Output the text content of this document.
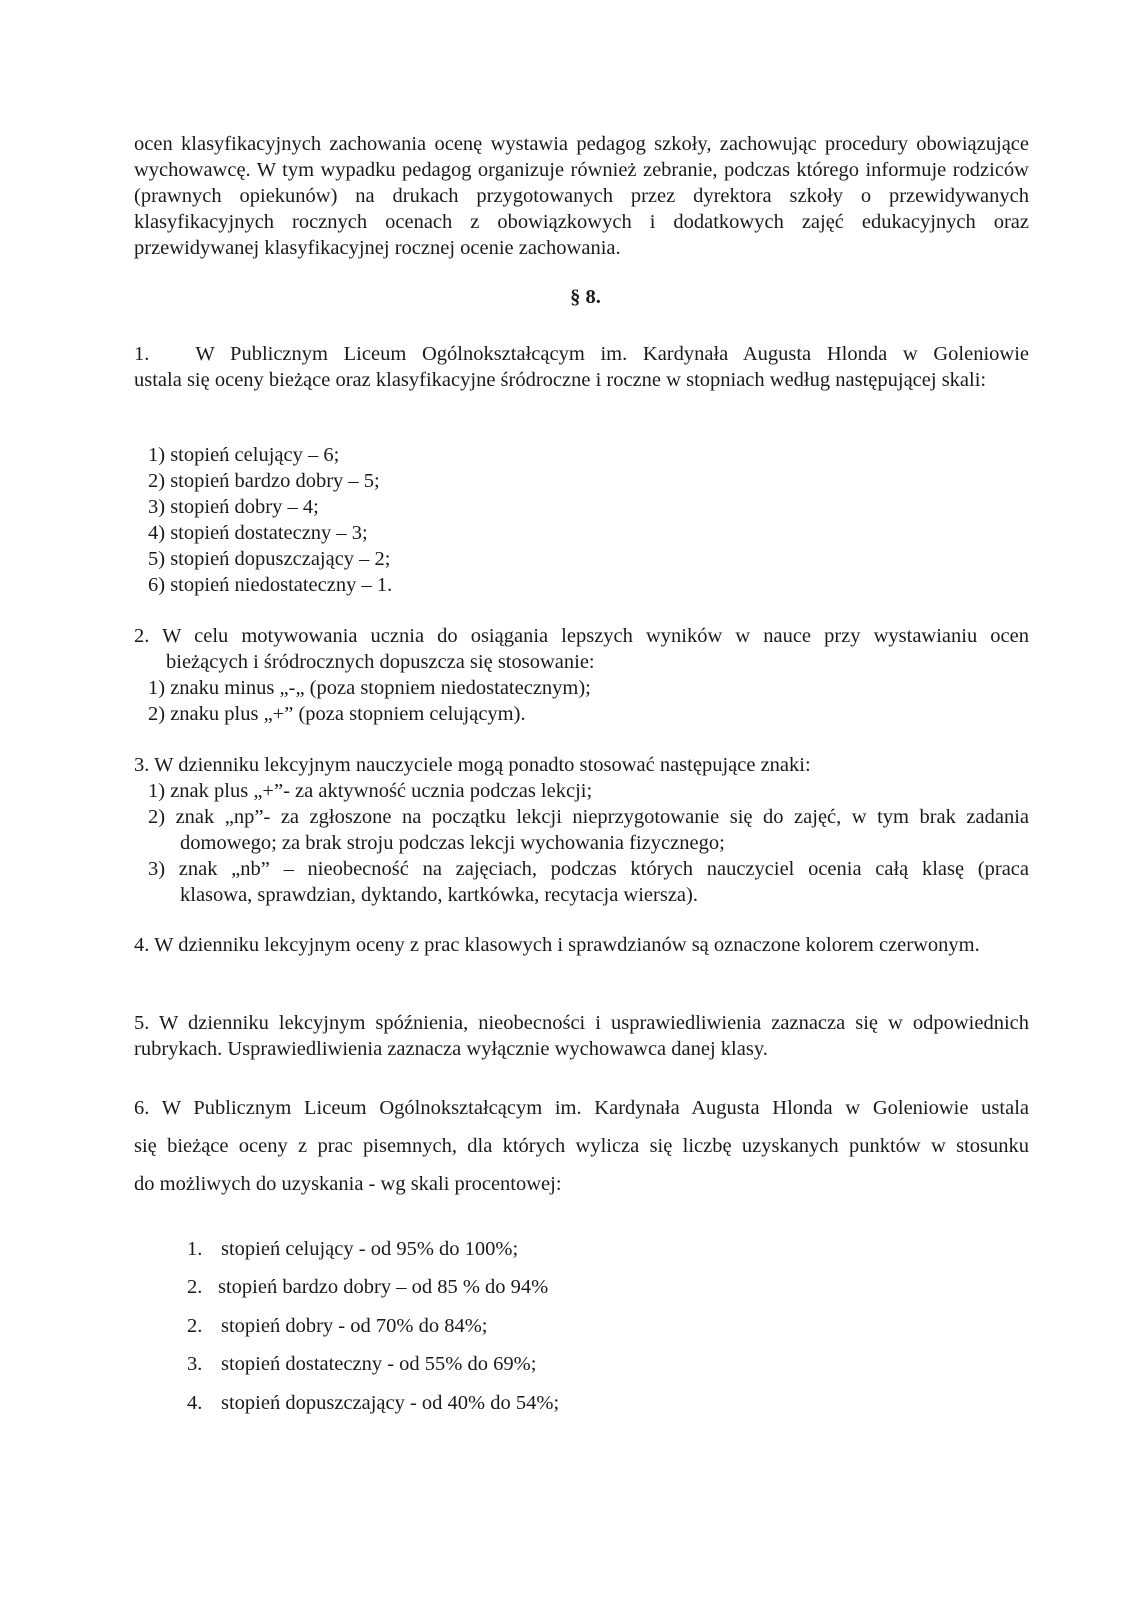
ocen klasyfikacyjnych zachowania ocenę wystawia pedagog szkoły, zachowując procedury obowiązujące wychowawcę. W tym wypadku pedagog organizuje również zebranie, podczas którego informuje rodziców (prawnych opiekunów) na drukach przygotowanych przez dyrektora szkoły o przewidywanych klasyfikacyjnych rocznych ocenach z obowiązkowych i dodatkowych zajęć edukacyjnych oraz przewidywanej klasyfikacyjnej rocznej ocenie zachowania.

§ 8.
1. W Publicznym Liceum Ogólnokształcącym im. Kardynała Augusta Hlonda w Goleniowie

ustala się oceny bieżące oraz klasyfikacyjne śródroczne i roczne w stopniach według następującej skali:

1) stopień celujący – 6;
2) stopień bardzo dobry – 5;
3) stopień dobry – 4;
4) stopień dostateczny – 3;
5) stopień dopuszczający – 2;
6) stopień niedostateczny – 1.
2. W celu motywowania ucznia do osiągania lepszych wyników w nauce przy wystawianiu ocen
bieżących i śródrocznych dopuszcza się stosowanie:
1) znaku minus „-„ (poza stopniem niedostatecznym);
2) znaku plus „+” (poza stopniem celującym).
3. W dzienniku lekcyjnym nauczyciele mogą ponadto stosować następujące znaki:
1) znak plus „+”- za aktywność ucznia podczas lekcji;
2) znak „np”- za zgłoszone na początku lekcji nieprzygotowanie się do zajęć, w tym brak zadania
domowego; za brak stroju podczas lekcji wychowania fizycznego;
3) znak „nb” – nieobecność na zajęciach, podczas których nauczyciel ocenia całą klasę (praca
klasowa, sprawdzian, dyktando, kartkówka, recytacja wiersza).

4. W dzienniku lekcyjnym oceny z prac klasowych i sprawdzianów są oznaczone kolorem czerwonym.

5. W dzienniku lekcyjnym spóźnienia, nieobecności i usprawiedliwienia zaznacza się w odpowiednich rubrykach. Usprawiedliwienia zaznacza wyłącznie wychowawca danej klasy.

6. W Publicznym Liceum Ogólnokształcącym im. Kardynała Augusta Hlonda w Goleniowie ustala
się bieżące oceny z prac pisemnych, dla których wylicza się liczbę uzyskanych punktów w stosunku
do możliwych do uzyskania - wg skali procentowej:
1. stopień celujący - od 95% do 100%;
2. stopień bardzo dobry – od 85 % do 94%
2. stopień dobry - od 70% do 84%;
3. stopień dostateczny - od 55% do 69%;
4. stopień dopuszczający - od 40% do 54%;
